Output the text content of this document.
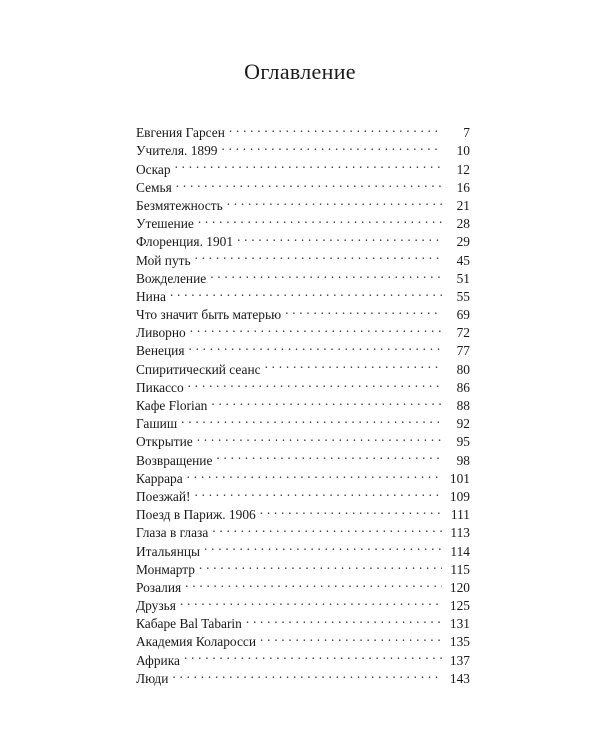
Оглавление
Евгения Гарсен . . .	7
Учителя. 1899 . . .	10
Оскар . . .	12
Семья . . .	16
Безмятежность . . .	21
Утешение . . .	28
Флоренция. 1901 . . .	29
Мой путь . . .	45
Вожделение . . .	51
Нина . . .	55
Что значит быть матерью . . .	69
Ливорно . . .	72
Венеция . . .	77
Спиритический сеанс . . .	80
Пикассо . . .	86
Кафе Florian . . .	88
Гашиш . . .	92
Открытие . . .	95
Возвращение . . .	98
Каррара . . .	101
Поезжай! . . .	109
Поезд в Париж. 1906 . . .	111
Глаза в глаза . . .	113
Итальянцы . . .	114
Монмартр . . .	115
Розалия . . .	120
Друзья . . .	125
Кабаре Bal Tabarin . . .	131
Академия Коларосси . . .	135
Африка . . .	137
Люди . . .	143
